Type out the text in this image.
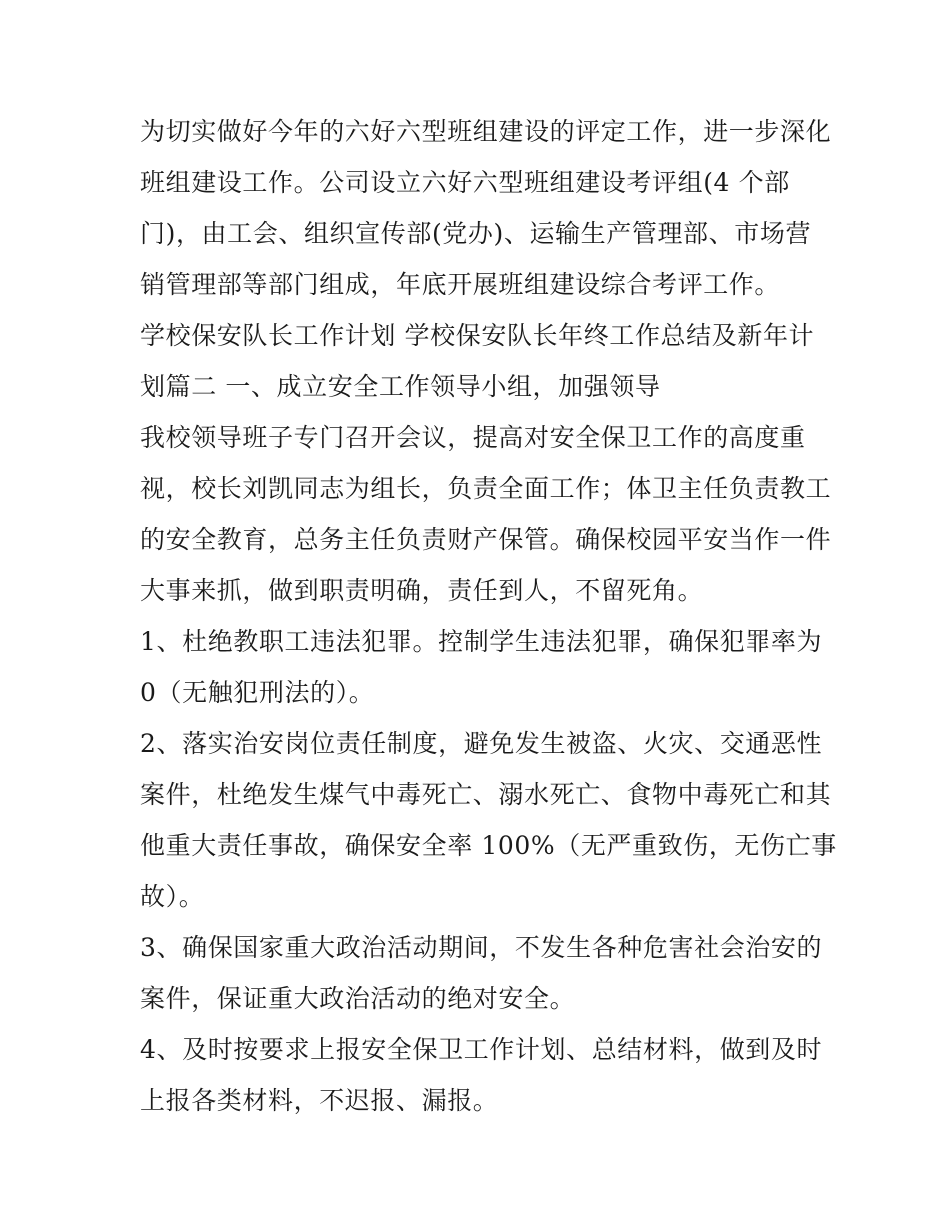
为切实做好今年的六好六型班组建设的评定工作，进一步深化
班组建设工作。公司设立六好六型班组建设考评组(4 个部
门)，由工会、组织宣传部(党办)、运输生产管理部、市场营
销管理部等部门组成，年底开展班组建设综合考评工作。
学校保安队长工作计划 学校保安队长年终工作总结及新年计
划篇二 一、成立安全工作领导小组，加强领导
我校领导班子专门召开会议，提高对安全保卫工作的高度重
视，校长刘凯同志为组长，负责全面工作；体卫主任负责教工
的安全教育，总务主任负责财产保管。确保校园平安当作一件
大事来抓，做到职责明确，责任到人，不留死角。
1、杜绝教职工违法犯罪。控制学生违法犯罪，确保犯罪率为
0（无触犯刑法的）。
2、落实治安岗位责任制度，避免发生被盗、火灾、交通恶性
案件，杜绝发生煤气中毒死亡、溺水死亡、食物中毒死亡和其
他重大责任事故，确保安全率 100%（无严重致伤，无伤亡事
故）。
3、确保国家重大政治活动期间，不发生各种危害社会治安的
案件，保证重大政治活动的绝对安全。
4、及时按要求上报安全保卫工作计划、总结材料，做到及时
上报各类材料，不迟报、漏报。
